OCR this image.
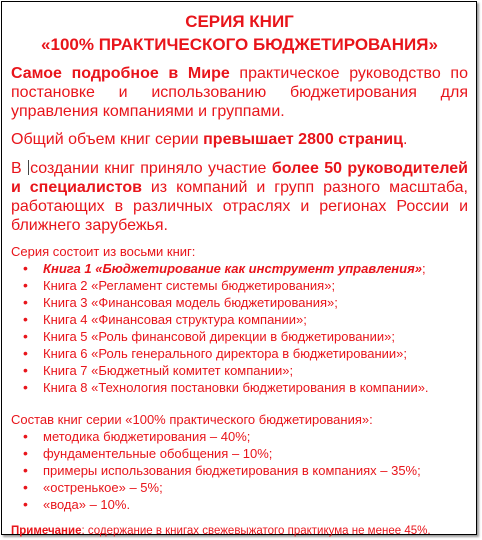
СЕРИЯ КНИГ
«100% ПРАКТИЧЕСКОГО БЮДЖЕТИРОВАНИЯ»
Самое подробное в Мире практическое руководство по постановке и использованию бюджетирования для управления компаниями и группами.
Общий объем книг серии превышает 2800 страниц.
В создании книг приняло участие более 50 руководителей и специалистов из компаний и групп разного масштаба, работающих в различных отраслях и регионах России и ближнего зарубежья.
Серия состоит из восьми книг:
• Книга 1 «Бюджетирование как инструмент управления»;
• Книга 2 «Регламент системы бюджетирования»;
• Книга 3 «Финансовая модель бюджетирования»;
• Книга 4 «Финансовая структура компании»;
• Книга 5 «Роль финансовой дирекции в бюджетировании»;
• Книга 6 «Роль генерального директора в бюджетировании»;
• Книга 7 «Бюджетный комитет компании»;
• Книга 8 «Технология постановки бюджетирования в компании».
Состав книг серии «100% практического бюджетирования»:
• методика бюджетирования – 40%;
• фундаментельные обобщения – 10%;
• примеры использования бюджетирования в компаниях – 35%;
• «остренькое» – 5%;
• «вода» – 10%.
Примечание: содержание в книгах свежевыжатого практикума не менее 45%.
